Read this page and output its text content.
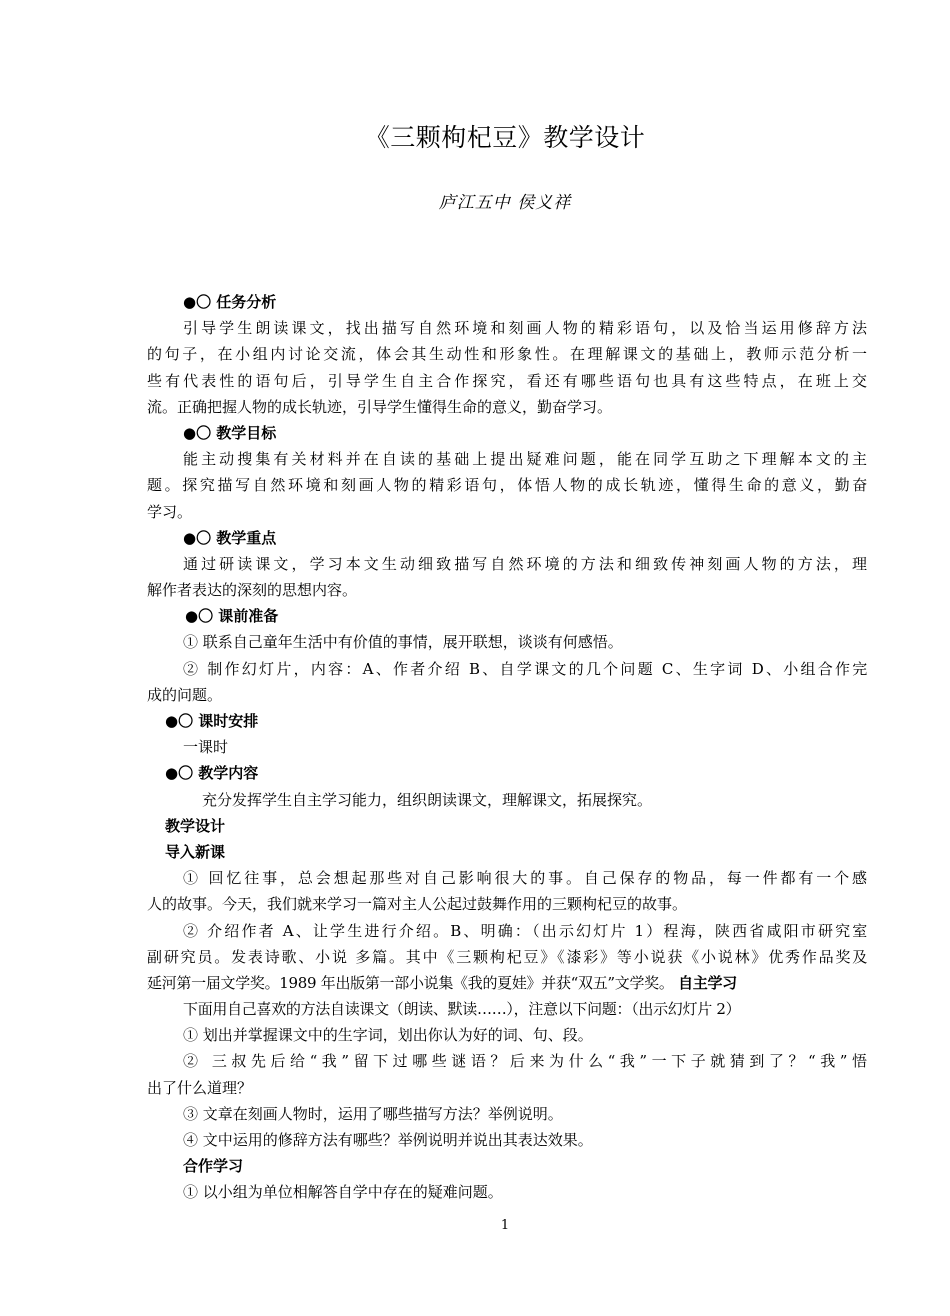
《三颗枸杞豆》教学设计
庐江五中 侯义祥
●〇 任务分析
引导学生朗读课文，找出描写自然环境和刻画人物的精彩语句，以及恰当运用修辞方法
的句子，在小组内讨论交流，体会其生动性和形象性。在理解课文的基础上，教师示范分析一
些有代表性的语句后，引导学生自主合作探究，看还有哪些语句也具有这些特点，在班上交
流。正确把握人物的成长轨迹，引导学生懂得生命的意义，勤奋学习。
●〇 教学目标
能主动搜集有关材料并在自读的基础上提出疑难问题，能在同学互助之下理解本文的主
题。探究描写自然环境和刻画人物的精彩语句，体悟人物的成长轨迹，懂得生命的意义，勤奋
学习。
●〇 教学重点
通过研读课文，学习本文生动细致描写自然环境的方法和细致传神刻画人物的方法，理
解作者表达的深刻的思想内容。
●〇 课前准备
① 联系自己童年生活中有价值的事情，展开联想，谈谈有何感悟。
② 制作幻灯片，内容：A、作者介绍 B、自学课文的几个问题 C、生字词 D、小组合作完
成的问题。
●〇 课时安排
一课时
●〇 教学内容
充分发挥学生自主学习能力，组织朗读课文，理解课文，拓展探究。
教学设计
导入新课
① 回忆往事，总会想起那些对自己影响很大的事。自己保存的物品，每一件都有一个感
人的故事。今天，我们就来学习一篇对主人公起过鼓舞作用的三颗枸杞豆的故事。
② 介绍作者 A、让学生进行介绍。B、明确：（出示幻灯片 1）程海，陕西省咸阳市研究室
副研究员。发表诗歌、小说 多篇。其中《三颗枸杞豆》《漆彩》等小说获《小说林》优秀作品奖及
延河第一届文学奖。1989 年出版第一部小说集《我的夏娃》并获“双五”文学奖。 自主学习
下面用自己喜欢的方法自读课文（朗读、默读……），注意以下问题：（出示幻灯片 2）
① 划出并掌握课文中的生字词，划出你认为好的词、句、段。
② 三叔先后给“我”留下过哪些谜语？后来为什么“我”一下子就猜到了？“我”悟
出了什么道理？
③ 文章在刻画人物时，运用了哪些描写方法？举例说明。
④ 文中运用的修辞方法有哪些？举例说明并说出其表达效果。
合作学习
① 以小组为单位相解答自学中存在的疑难问题。
1
